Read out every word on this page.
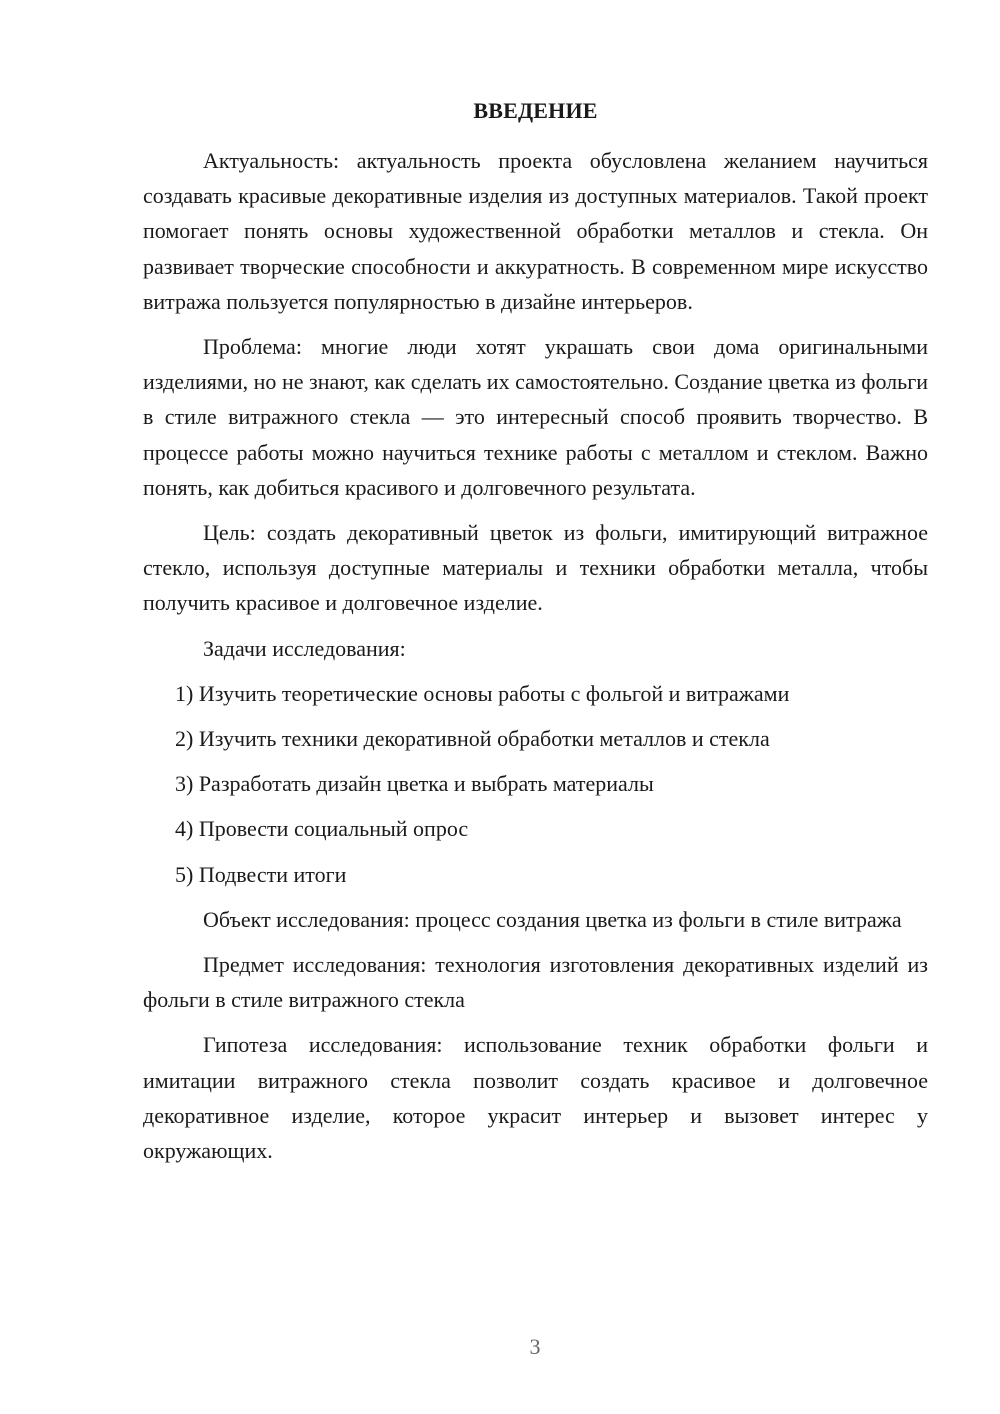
ВВЕДЕНИЕ

Актуальность: актуальность проекта обусловлена желанием научиться создавать красивые декоративные изделия из доступных материалов. Такой проект помогает понять основы художественной обработки металлов и стекла. Он развивает творческие способности и аккуратность. В современном мире искусство витража пользуется популярностью в дизайне интерьеров.

Проблема: многие люди хотят украшать свои дома оригинальными изделиями, но не знают, как сделать их самостоятельно. Создание цветка из фольги в стиле витражного стекла — это интересный способ проявить творчество. В процессе работы можно научиться технике работы с металлом и стеклом. Важно понять, как добиться красивого и долговечного результата.

Цель: создать декоративный цветок из фольги, имитирующий витражное стекло, используя доступные материалы и техники обработки металла, чтобы получить красивое и долговечное изделие.

Задачи исследования:

1) Изучить теоретические основы работы с фольгой и витражами

2) Изучить техники декоративной обработки металлов и стекла

3) Разработать дизайн цветка и выбрать материалы

4) Провести социальный опрос

5) Подвести итоги

Объект исследования: процесс создания цветка из фольги в стиле витража

Предмет исследования: технология изготовления декоративных изделий из фольги в стиле витражного стекла

Гипотеза исследования: использование техник обработки фольги и имитации витражного стекла позволит создать красивое и долговечное декоративное изделие, которое украсит интерьер и вызовет интерес у окружающих.

3
